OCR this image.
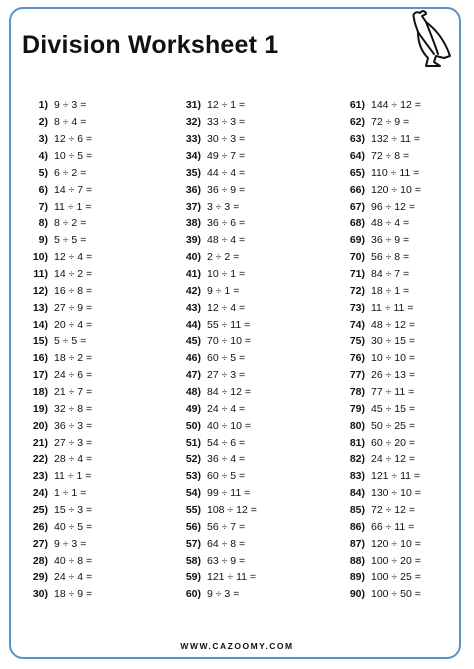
Division Worksheet 1
1) 9 ÷ 3 =
2) 8 ÷ 4 =
3) 12 ÷ 6 =
4) 10 ÷ 5 =
5) 6 ÷ 2 =
6) 14 ÷ 7 =
7) 11 ÷ 1 =
8) 8 ÷ 2 =
9) 5 ÷ 5 =
10) 12 ÷ 4 =
11) 14 ÷ 2 =
12) 16 ÷ 8 =
13) 27 ÷ 9 =
14) 20 ÷ 4 =
15) 5 ÷ 5 =
16) 18 ÷ 2 =
17) 24 ÷ 6 =
18) 21 ÷ 7 =
19) 32 ÷ 8 =
20) 36 ÷ 3 =
21) 27 ÷ 3 =
22) 28 ÷ 4 =
23) 11 ÷ 1 =
24) 1 ÷ 1 =
25) 15 ÷ 3 =
26) 40 ÷ 5 =
27) 9 ÷ 3 =
28) 40 ÷ 8 =
29) 24 ÷ 4 =
30) 18 ÷ 9 =
31) 12 ÷ 1 =
32) 33 ÷ 3 =
33) 30 ÷ 3 =
34) 49 ÷ 7 =
35) 44 ÷ 4 =
36) 36 ÷ 9 =
37) 3 ÷ 3 =
38) 36 ÷ 6 =
39) 48 ÷ 4 =
40) 2 ÷ 2 =
41) 10 ÷ 1 =
42) 9 ÷ 1 =
43) 12 ÷ 4 =
44) 55 ÷ 11 =
45) 70 ÷ 10 =
46) 60 ÷ 5 =
47) 27 ÷ 3 =
48) 84 ÷ 12 =
49) 24 ÷ 4 =
50) 40 ÷ 10 =
51) 54 ÷ 6 =
52) 36 ÷ 4 =
53) 60 ÷ 5 =
54) 99 ÷ 11 =
55) 108 ÷ 12 =
56) 56 ÷ 7 =
57) 64 ÷ 8 =
58) 63 ÷ 9 =
59) 121 ÷ 11 =
60) 9 ÷ 3 =
61) 144 ÷ 12 =
62) 72 ÷ 9 =
63) 132 ÷ 11 =
64) 72 ÷ 8 =
65) 110 ÷ 11 =
66) 120 ÷ 10 =
67) 96 ÷ 12 =
68) 48 ÷ 4 =
69) 36 ÷ 9 =
70) 56 ÷ 8 =
71) 84 ÷ 7 =
72) 18 ÷ 1 =
73) 11 ÷ 11 =
74) 48 ÷ 12 =
75) 30 ÷ 15 =
76) 10 ÷ 10 =
77) 26 ÷ 13 =
78) 77 ÷ 11 =
79) 45 ÷ 15 =
80) 50 ÷ 25 =
81) 60 ÷ 20 =
82) 24 ÷ 12 =
83) 121 ÷ 11 =
84) 130 ÷ 10 =
85) 72 ÷ 12 =
86) 66 ÷ 11 =
87) 120 ÷ 10 =
88) 100 ÷ 20 =
89) 100 ÷ 25 =
90) 100 ÷ 50 =
WWW.CAZOOMY.COM
